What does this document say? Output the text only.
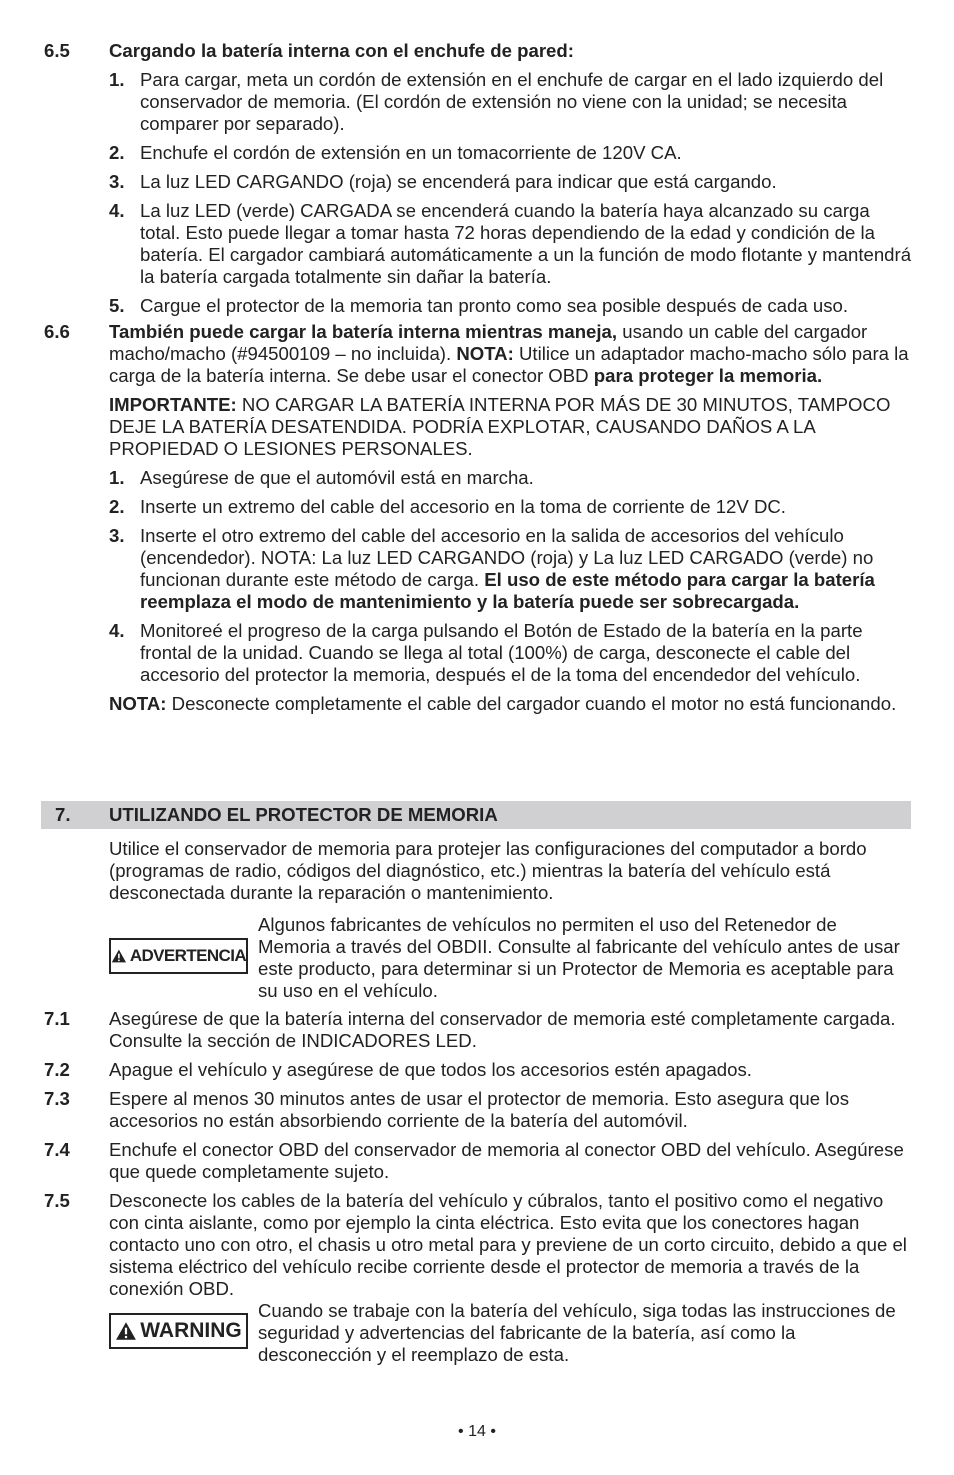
6.5	Cargando la batería interna con el enchufe de pared:

1. Para cargar, meta un cordón de extensión en el enchufe de cargar en el lado izquierdo del conservador de memoria. (El cordón de extensión no viene con la unidad; se necesita comparer por separado).
2. Enchufe el cordón de extensión en un tomacorriente de 120V CA.
3. La luz LED CARGANDO (roja) se encenderá para indicar que está cargando.
4. La luz LED (verde) CARGADA se encenderá cuando la batería haya alcanzado su carga total. Esto puede llegar a tomar hasta 72 horas dependiendo de la edad y condición de la batería. El cargador cambiará automáticamente a un la función de modo flotante y mantendrá la batería cargada totalmente sin dañar la batería.
5. Cargue el protector de la memoria tan pronto como sea posible después de cada uso.
6.6	También puede cargar la batería interna mientras maneja, usando un cable del cargador macho/macho (#94500109 – no incluida). NOTA: Utilice un adaptador macho-macho sólo para la carga de la batería interna. Se debe usar el conector OBD para proteger la memoria.

IMPORTANTE: NO CARGAR LA BATERÍA INTERNA POR MÁS DE 30 MINUTOS, TAMPOCO DEJE LA BATERÍA DESATENDIDA. PODRÍA EXPLOTAR, CAUSANDO DAÑOS A LA PROPIEDAD O LESIONES PERSONALES.

1. Asegúrese de que el automóvil está en marcha.
2. Inserte un extremo del cable del accesorio en la toma de corriente de 12V DC.
3. Inserte el otro extremo del cable del accesorio en la salida de accesorios del vehículo (encendedor). NOTA: La luz LED CARGANDO (roja) y La luz LED CARGADO (verde) no funcionan durante este método de carga. El uso de este método para cargar la batería reemplaza el modo de mantenimiento y la batería puede ser sobrecargada.
4. Monitoreé el progreso de la carga pulsando el Botón de Estado de la batería en la parte frontal de la unidad. Cuando se llega al total (100%) de carga, desconecte el cable del accesorio del protector la memoria, después el de la toma del encendedor del vehículo.

NOTA: Desconecte completamente el cable del cargador cuando el motor no está funcionando.

7.	UTILIZANDO EL PROTECTOR DE MEMORIA

Utilice el conservador de memoria para protejer las configuraciones del computador a bordo (programas de radio, códigos del diagnóstico, etc.) mientras la batería del vehículo está desconectada durante la reparación o mantenimiento.

ADVERTENCIA
Algunos fabricantes de vehículos no permiten el uso del Retenedor de Memoria a través del OBDII. Consulte al fabricante del vehículo antes de usar este producto, para determinar si un Protector de Memoria es aceptable para su uso en el vehículo.
7.1	Asegúrese de que la batería interna del conservador de memoria esté completamente cargada. Consulte la sección de INDICADORES LED.
7.2	Apague el vehículo y asegúrese de que todos los accesorios estén apagados.
7.3	Espere al menos 30 minutos antes de usar el protector de memoria. Esto asegura que los accesorios no están absorbiendo corriente de la batería del automóvil.
7.4	Enchufe el conector OBD del conservador de memoria al conector OBD del vehículo. Asegúrese que quede completamente sujeto.
7.5	Desconecte los cables de la batería del vehículo y cúbralos, tanto el positivo como el negativo con cinta aislante, como por ejemplo la cinta eléctrica. Esto evita que los conectores hagan contacto uno con otro, el chasis u otro metal para y previene de un corto circuito, debido a que el sistema eléctrico del vehículo recibe corriente desde el protector de memoria a través de la conexión OBD.
WARNING
Cuando se trabaje con la batería del vehículo, siga todas las instrucciones de seguridad y advertencias del fabricante de la batería, así como la desconección y el reemplazo de esta.
• 14 •
